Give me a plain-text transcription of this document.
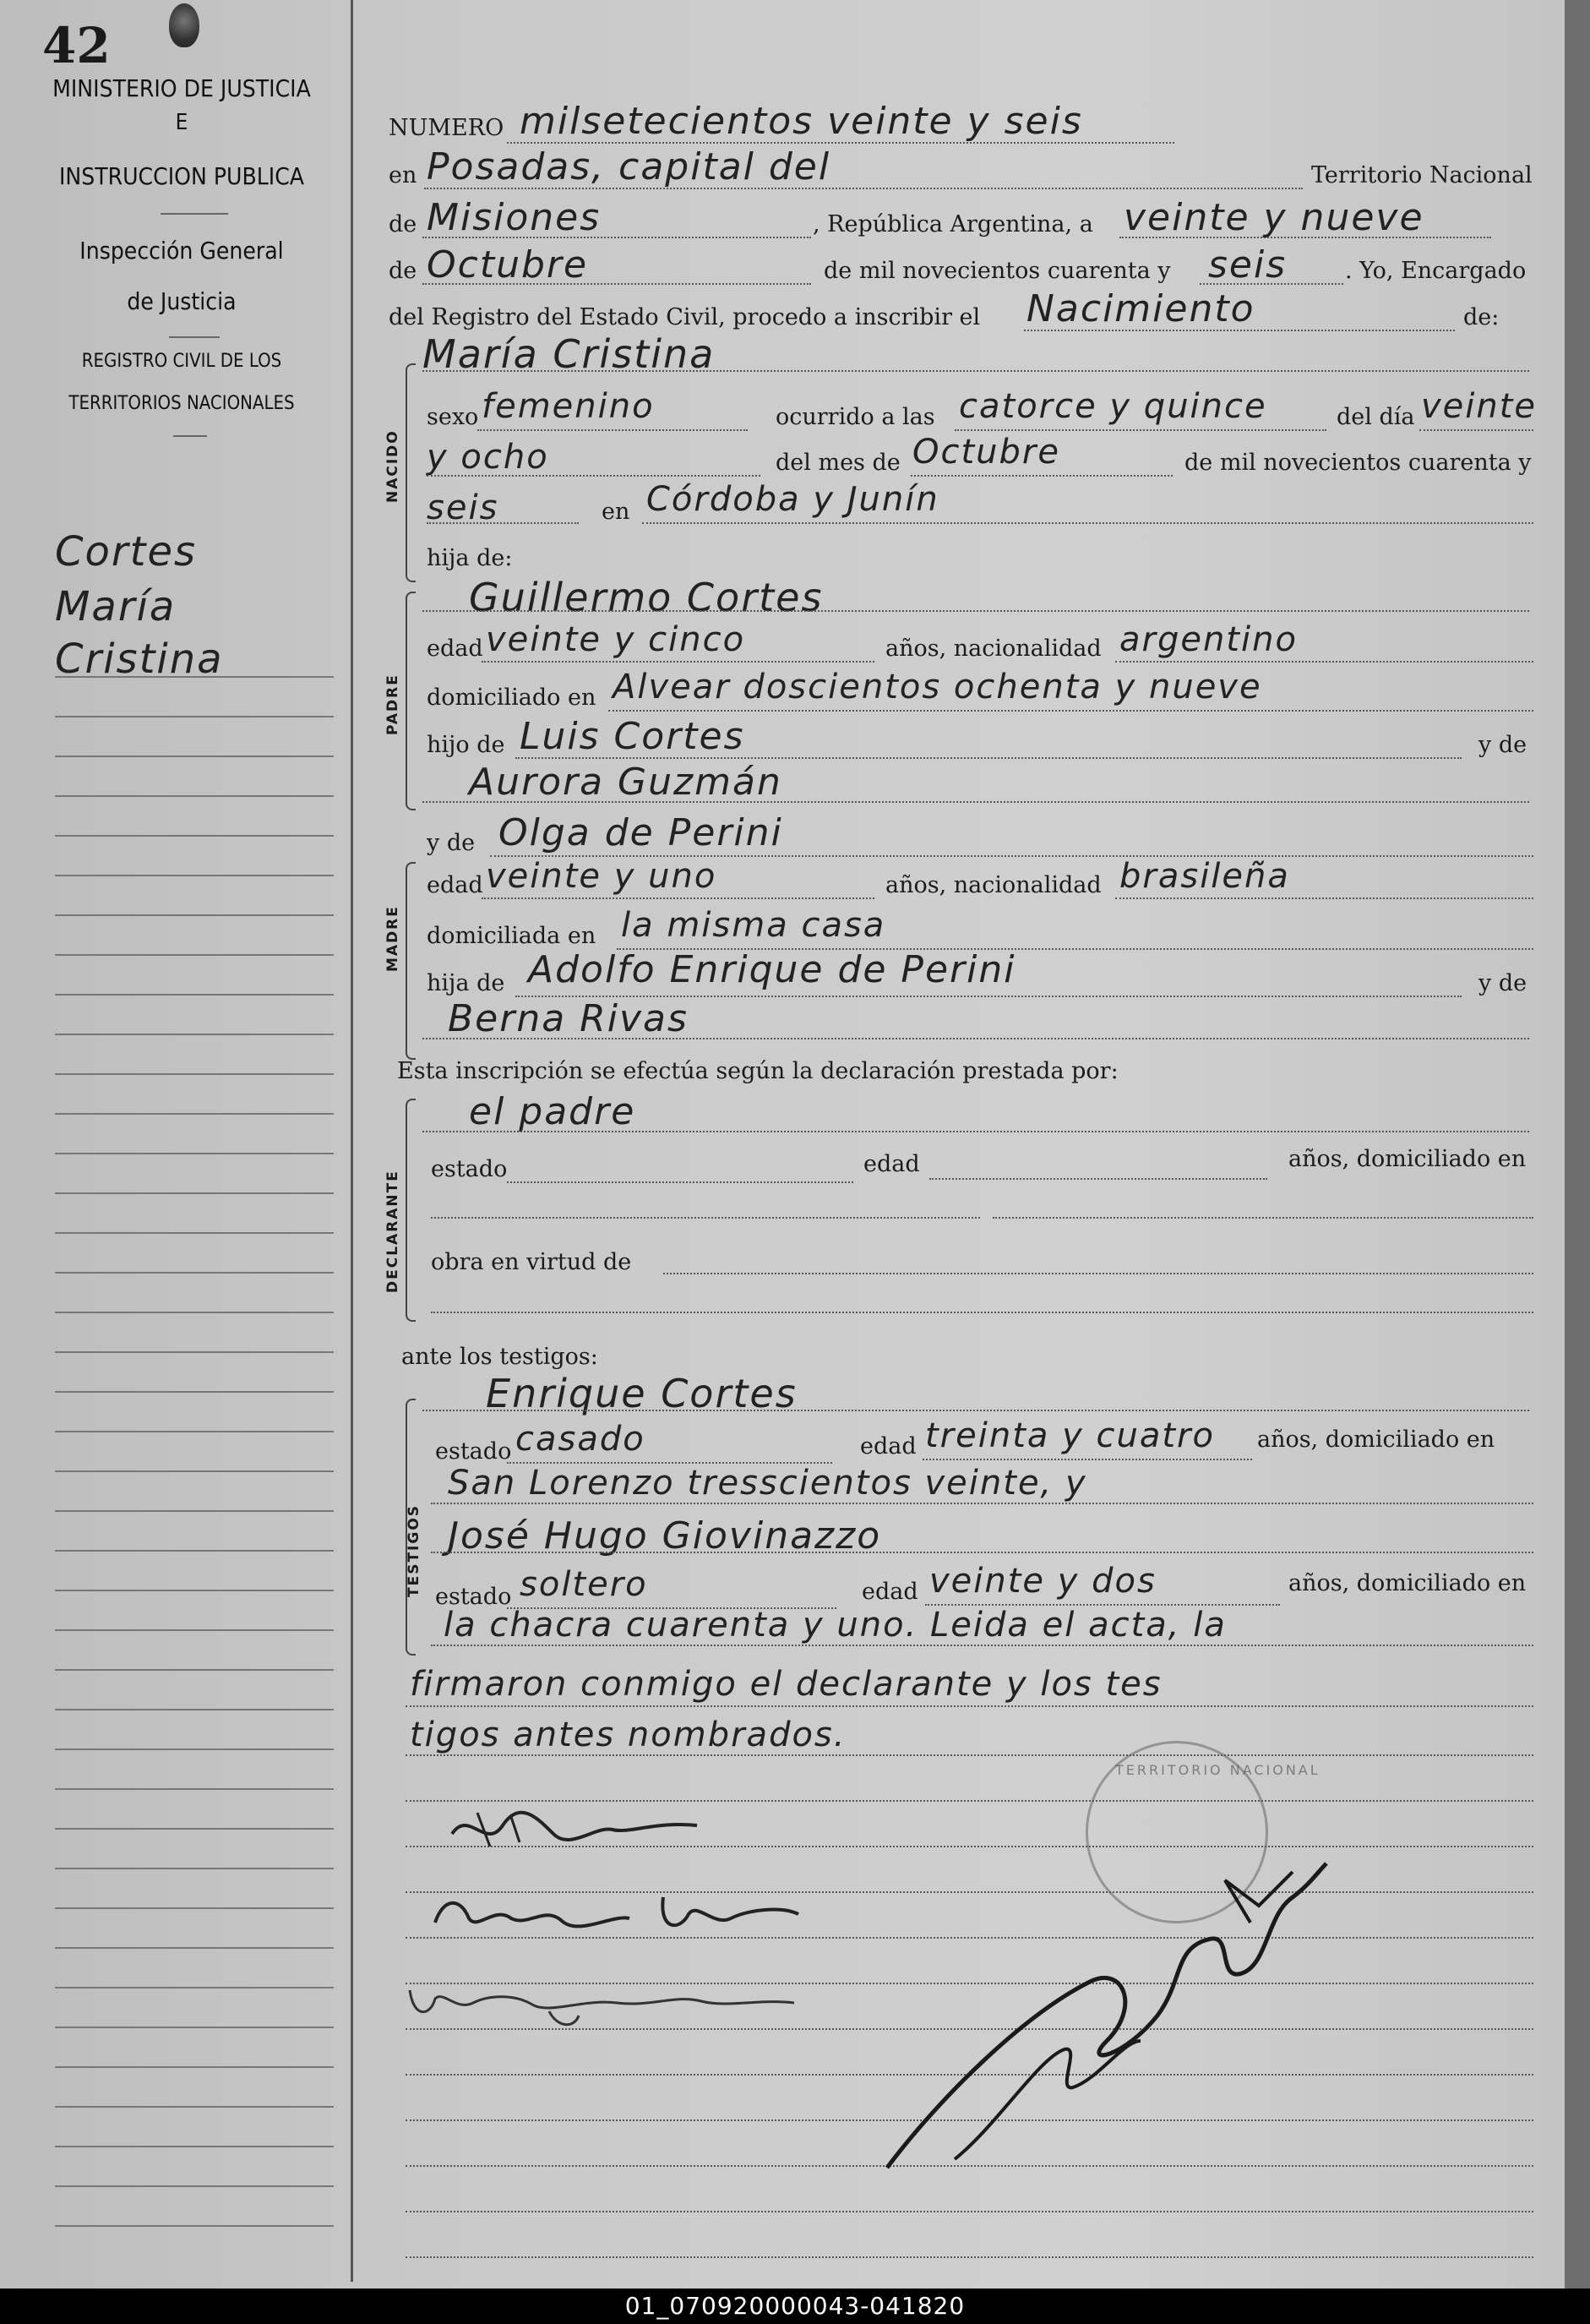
42
MINISTERIO DE JUSTICIA
E
INSTRUCCION PUBLICA
Inspección General
de Justicia
REGISTRO CIVIL DE LOS
TERRITORIOS NACIONALES
Cortes
María
Cristina
NUMERO milsetecientos veinte y seis
en Posadas, capital del	Territorio Nacional
de Misiones	, República Argentina, a veinte y nueve
de Octubre	de mil novecientos cuarenta y seis	. Yo, Encargado
del Registro del Estado Civil, procedo a inscribir el Nacimiento	de:
María Cristina
NACIDO
sexo femenino	ocurrido a las catorce y quince	del día veinte
y ocho	del mes de Octubre	de mil novecientos cuarenta y
seis	en Córdoba y Junín
hija de:
Guillermo Cortes
PADRE
edad veinte y cinco	años, nacionalidad argentino
domiciliado en Alvear doscientos ochenta y nueve
hijo de Luis Cortes	y de
Aurora Guzmán
y de Olga de Perini
MADRE
edad veinte y uno	años, nacionalidad brasileña
domiciliada en la misma casa
hija de Adolfo Enrique de Perini	y de
Berna Rivas
Esta inscripción se efectúa según la declaración prestada por:
el padre
DECLARANTE
estado	edad	años, domiciliado en
obra en virtud de
ante los testigos:
Enrique Cortes
TESTIGOS
estado casado	edad treinta y cuatro años, domiciliado en
San Lorenzo tresscientos veinte, y
José Hugo Giovinazzo
estado soltero	edad veinte y dos	años, domiciliado en
la chacra cuarenta y uno. Leida el acta, la
firmaron conmigo el declarante y los tes
tigos antes nombrados.
TERRITORIO NACIONAL
01_070920000043-041820
